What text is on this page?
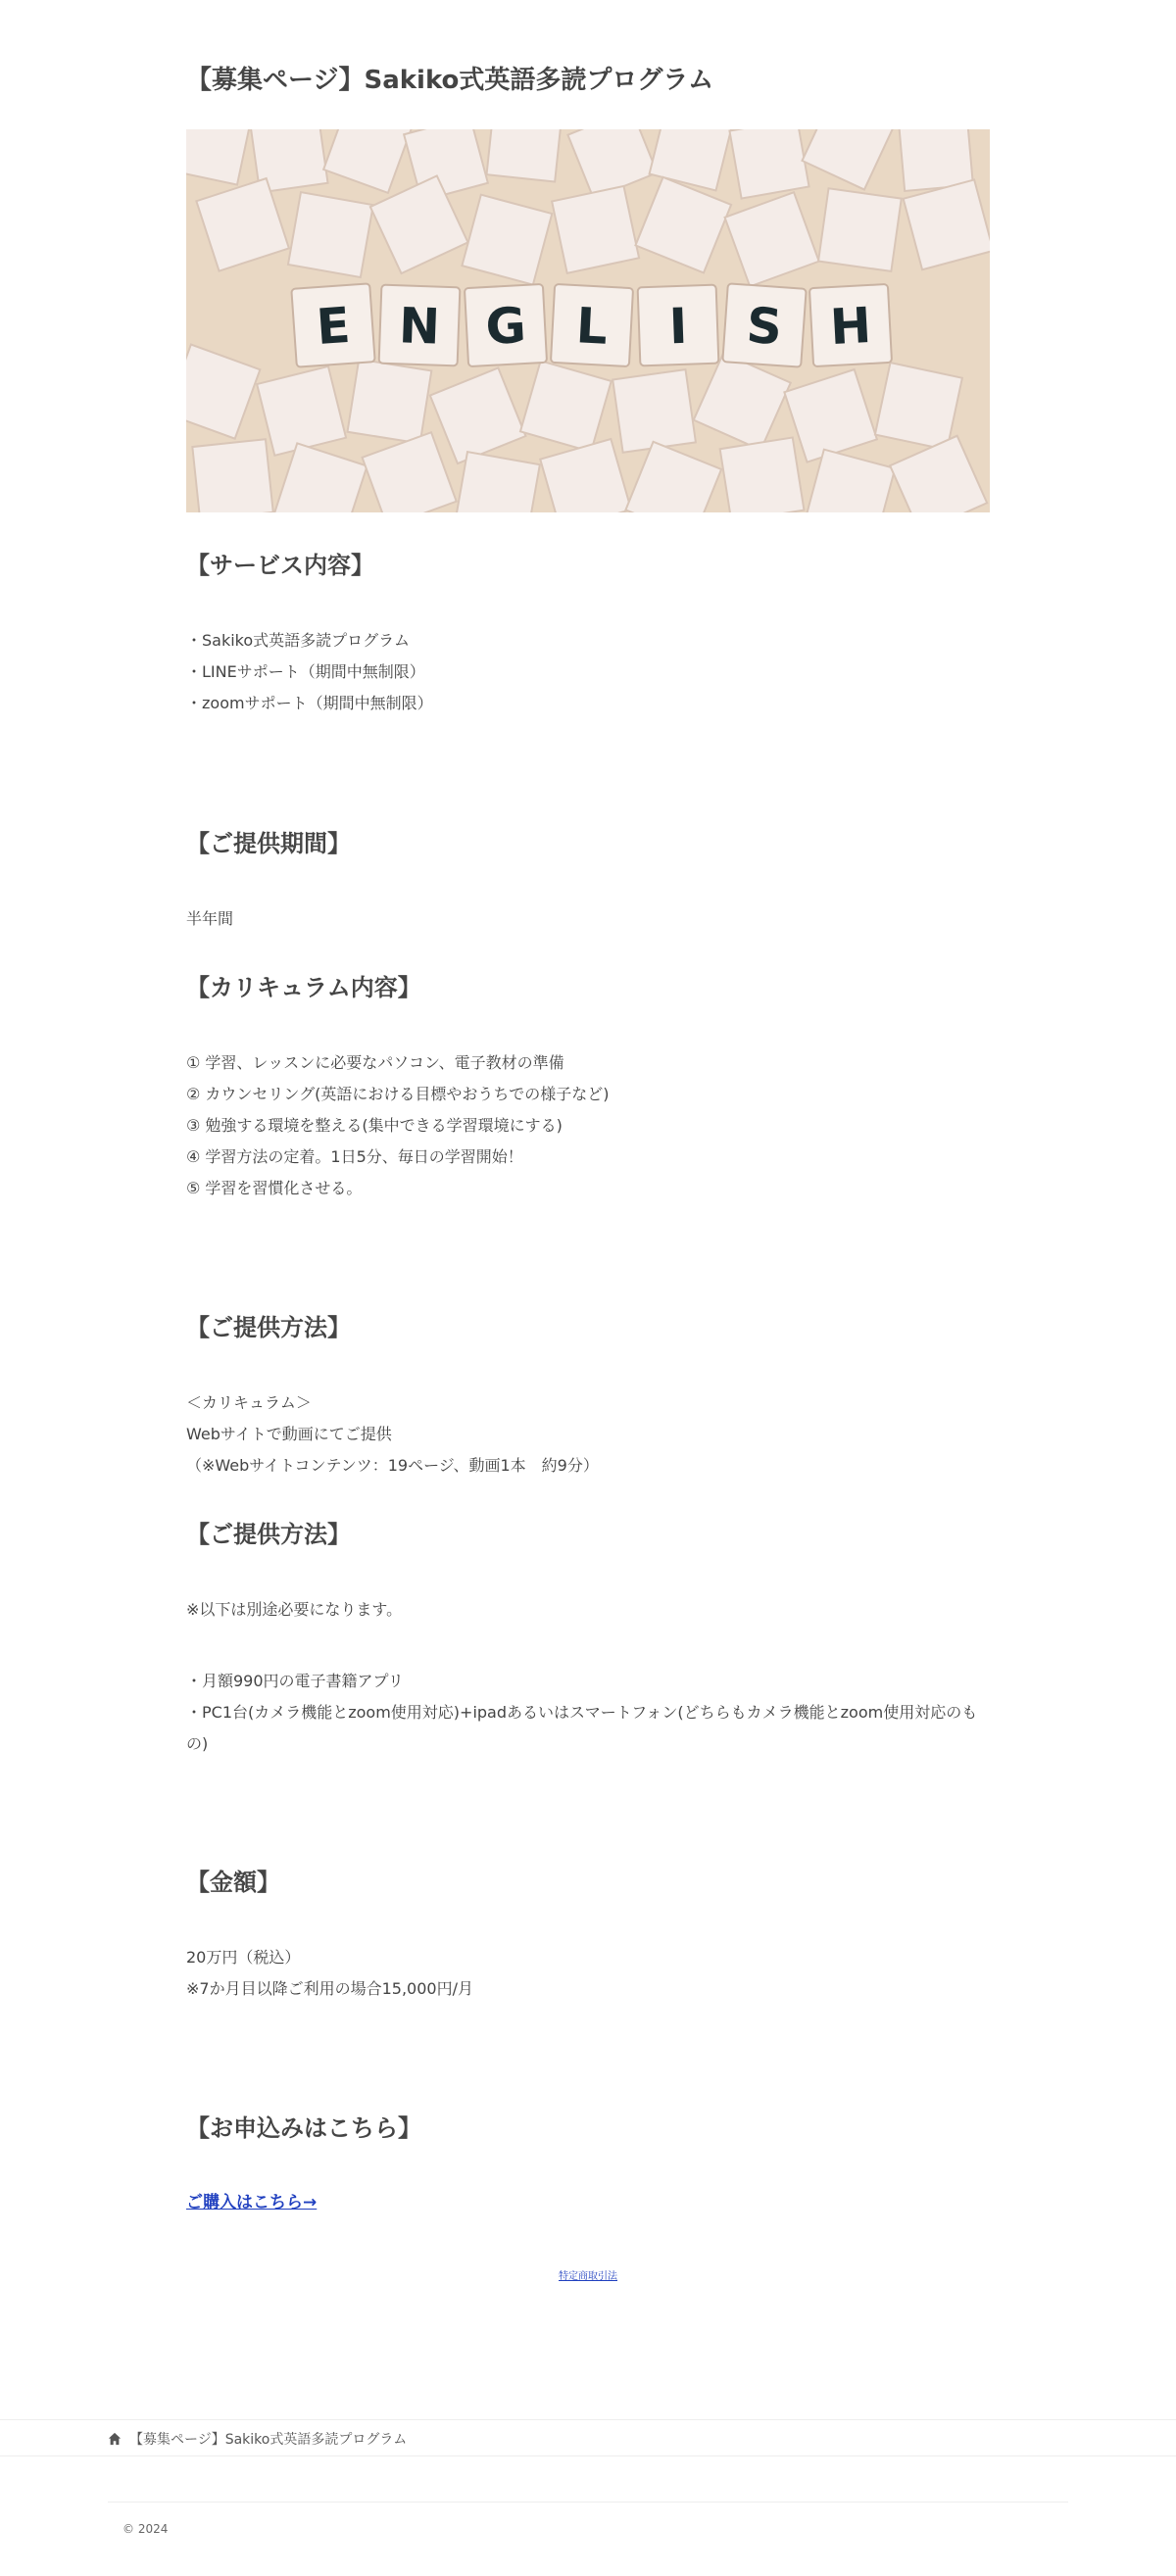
【募集ページ】Sakiko式英語多読プログラム
E N G L I S H
【サービス内容】
・Sakiko式英語多読プログラム
・LINEサポート（期間中無制限）
・zoomサポート（期間中無制限）
【ご提供期間】
半年間
【カリキュラム内容】
① 学習、レッスンに必要なパソコン、電子教材の準備
② カウンセリング(英語における目標やおうちでの様子など)
③ 勉強する環境を整える(集中できる学習環境にする)
④ 学習方法の定着。1日5分、毎日の学習開始！
⑤ 学習を習慣化させる。
【ご提供方法】
＜カリキュラム＞
Webサイトで動画にてご提供
（※Webサイトコンテンツ：19ページ、動画1本　約9分）
【ご提供方法】
※以下は別途必要になります。
・月額990円の電子書籍アプリ
・PC1台(カメラ機能とzoom使用対応)+ipadあるいはスマートフォン(どちらもカメラ機能とzoom使用対応のもの)
【金額】
20万円（税込）
※7か月目以降ご利用の場合15,000円/月
【お申込みはこちら】
ご購入はこちら→
特定商取引法
【募集ページ】Sakiko式英語多読プログラム
© 2024
